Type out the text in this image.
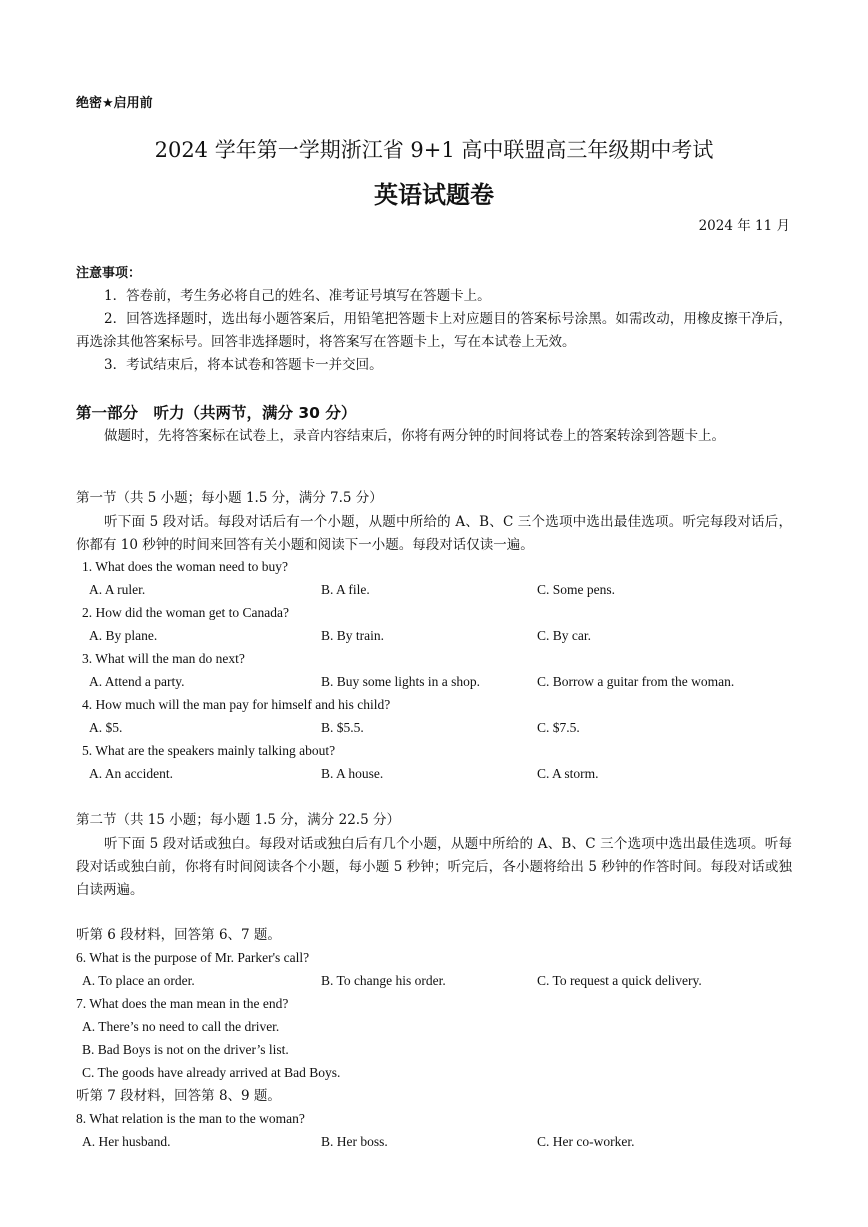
绝密★启用前
2024 学年第一学期浙江省 9+1 高中联盟高三年级期中考试
英语试题卷
2024 年 11 月
注意事项：
1．答卷前，考生务必将自己的姓名、准考证号填写在答题卡上。
2．回答选择题时，选出每小题答案后，用铅笔把答题卡上对应题目的答案标号涂黑。如需改动，用橡皮擦干净后，再选涂其他答案标号。回答非选择题时，将答案写在答题卡上，写在本试卷上无效。
3．考试结束后，将本试卷和答题卡一并交回。
第一部分　听力（共两节，满分 30 分）
做题时，先将答案标在试卷上，录音内容结束后，你将有两分钟的时间将试卷上的答案转涂到答题卡上。
第一节（共 5 小题；每小题 1.5 分，满分 7.5 分）
听下面 5 段对话。每段对话后有一个小题，从题中所给的 A、B、C 三个选项中选出最佳选项。听完每段对话后，你都有 10 秒钟的时间来回答有关小题和阅读下一小题。每段对话仅读一遍。
1. What does the woman need to buy?
A. A ruler.	B. A file.	C. Some pens.
2. How did the woman get to Canada?
A. By plane.	B. By train.	C. By car.
3. What will the man do next?
A. Attend a party.	B. Buy some lights in a shop.	C. Borrow a guitar from the woman.
4. How much will the man pay for himself and his child?
A. $5.	B. $5.5.	C. $7.5.
5. What are the speakers mainly talking about?
A. An accident.	B. A house.	C. A storm.
第二节（共 15 小题；每小题 1.5 分，满分 22.5 分）
听下面 5 段对话或独白。每段对话或独白后有几个小题，从题中所给的 A、B、C 三个选项中选出最佳选项。听每段对话或独白前，你将有时间阅读各个小题，每小题 5 秒钟；听完后，各小题将给出 5 秒钟的作答时间。每段对话或独白读两遍。
听第 6 段材料，回答第 6、7 题。
6. What is the purpose of Mr. Parker's call?
A. To place an order.	B. To change his order.	C. To request a quick delivery.
7. What does the man mean in the end?
A. There’s no need to call the driver.
B. Bad Boys is not on the driver’s list.
C. The goods have already arrived at Bad Boys.
听第 7 段材料，回答第 8、9 题。
8. What relation is the man to the woman?
A. Her husband.	B. Her boss.	C. Her co-worker.
